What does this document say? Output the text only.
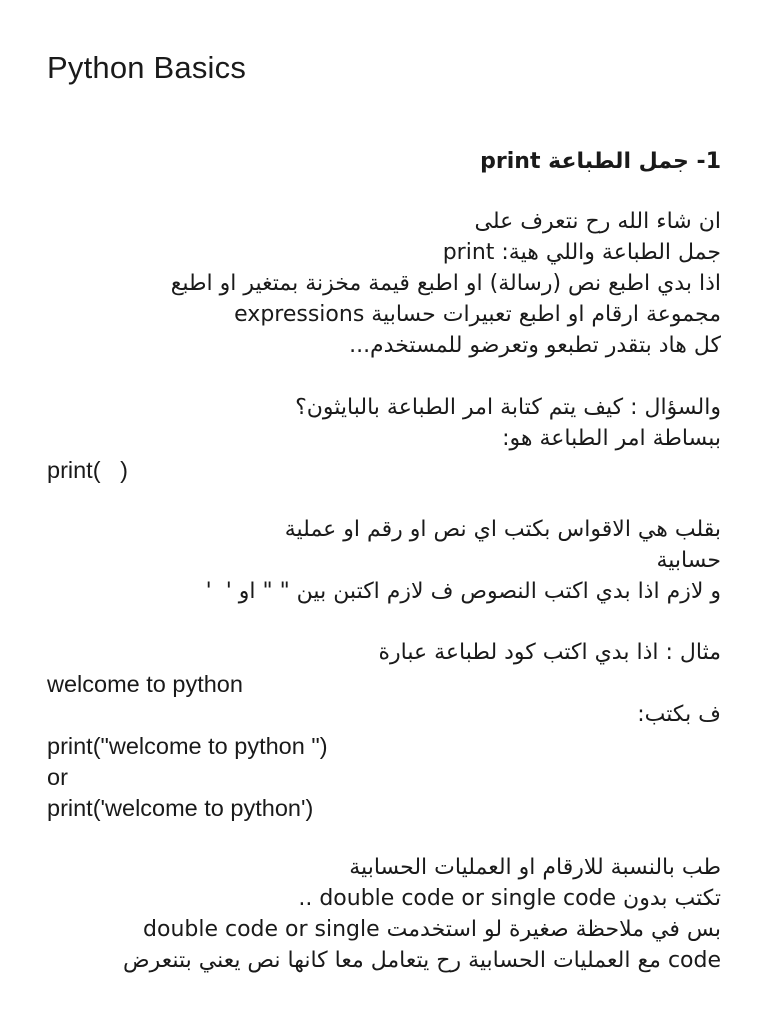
Python Basics

1- جمل الطباعة print

ان شاء الله رح نتعرف على

جمل الطباعة واللي هية: print

اذا بدي اطبع نص (رسالة) او اطبع قيمة مخزنة بمتغير او اطبع

مجموعة ارقام او اطبع تعبيرات حسابية expressions

كل هاد بتقدر تطبعو وتعرضو للمستخدم...

والسؤال : كيف يتم كتابة امر الطباعة بالبايثون؟

ببساطة امر الطباعة هو:

print(   )

بقلب هي الاقواس بكتب اي نص او رقم او عملية

حسابية

و لازم اذا بدي اكتب النصوص ف لازم اكتبن بين " " او '  '

مثال : اذا بدي اكتب كود لطباعة عبارة

welcome to python

ف بكتب:

print("welcome to python ")

or

print('welcome to python')

طب بالنسبة للارقام او العمليات الحسابية

تكتب بدون double code or single code ..

بس في ملاحظة صغيرة لو استخدمت double code or single

code مع العمليات الحسابية رح يتعامل معا كانها نص يعني بتنعرض
